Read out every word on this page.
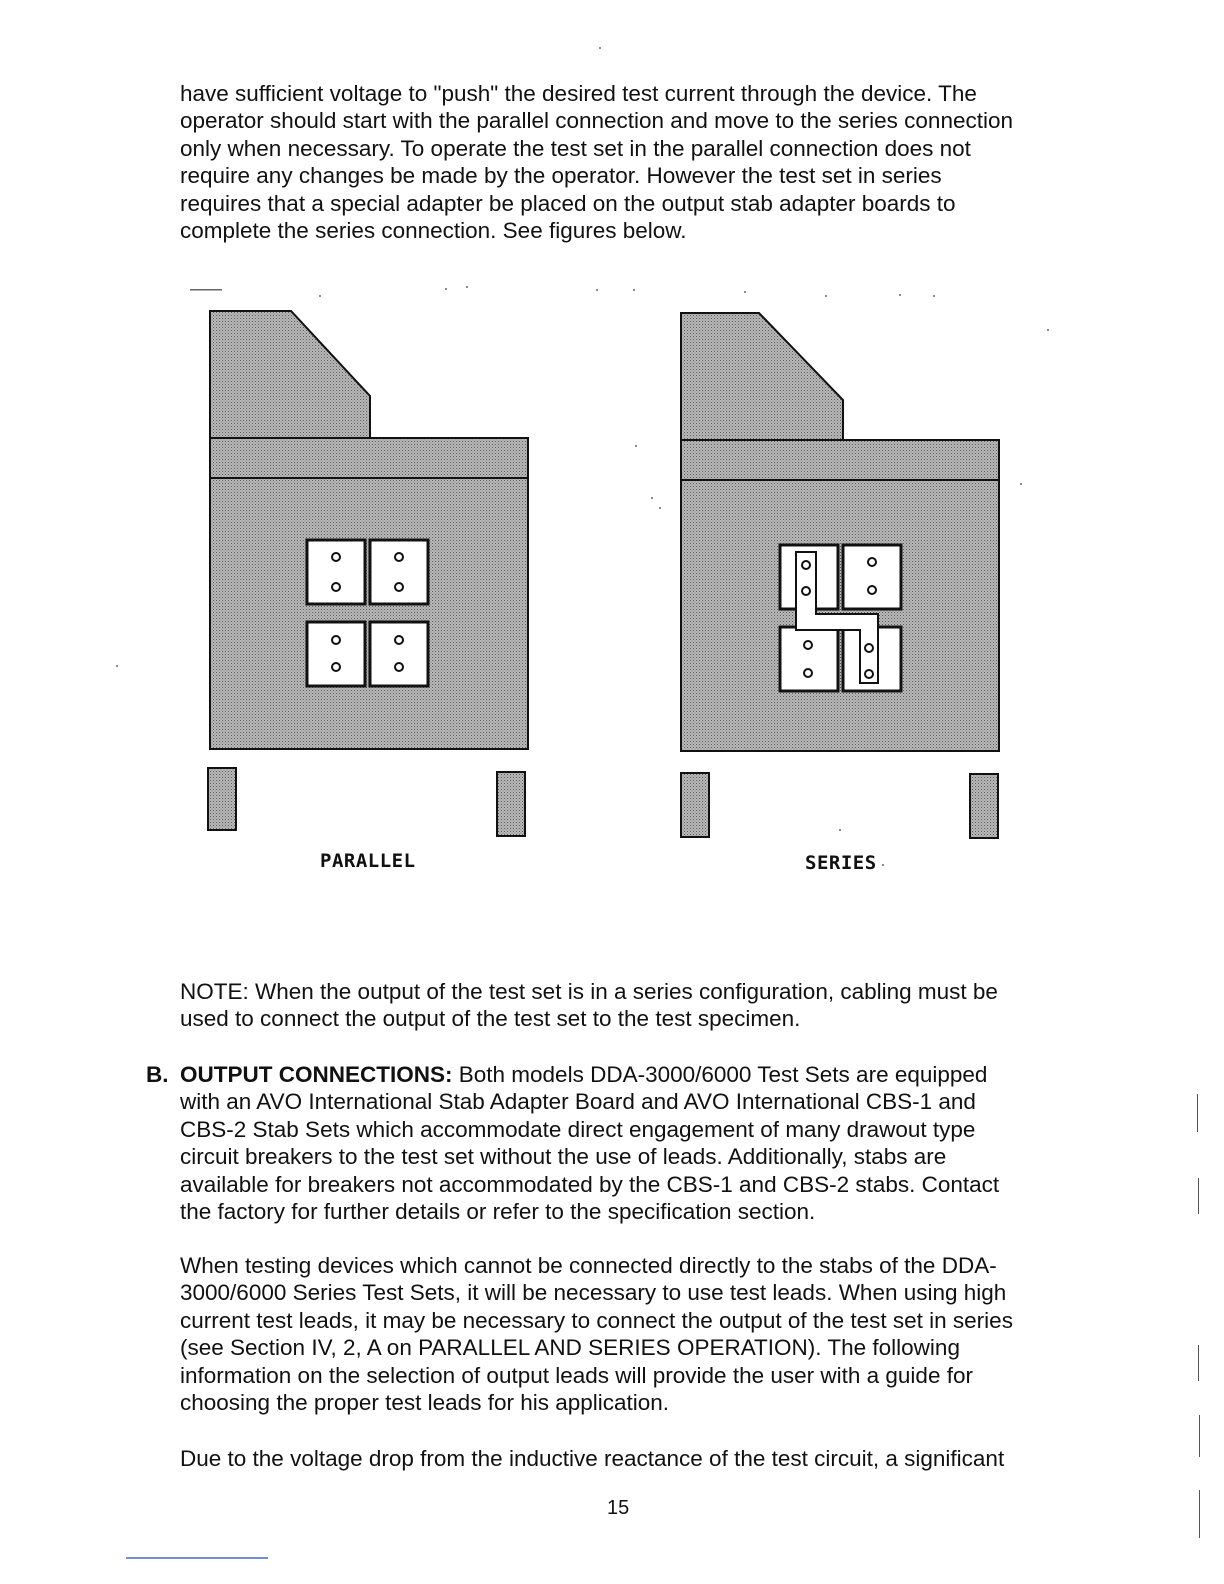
have sufficient voltage to "push" the desired test current through the device. The
operator should start with the parallel connection and move to the series connection
only when necessary. To operate the test set in the parallel connection does not
require any changes be made by the operator. However the test set in series
requires that a special adapter be placed on the output stab adapter boards to
complete the series connection. See figures below.

PARALLEL	SERIES

NOTE: When the output of the test set is in a series configuration, cabling must be
used to connect the output of the test set to the test specimen.

B. OUTPUT CONNECTIONS: Both models DDA-3000/6000 Test Sets are equipped
with an AVO International Stab Adapter Board and AVO International CBS-1 and
CBS-2 Stab Sets which accommodate direct engagement of many drawout type
circuit breakers to the test set without the use of leads. Additionally, stabs are
available for breakers not accommodated by the CBS-1 and CBS-2 stabs. Contact
the factory for further details or refer to the specification section.

When testing devices which cannot be connected directly to the stabs of the DDA-
3000/6000 Series Test Sets, it will be necessary to use test leads. When using high
current test leads, it may be necessary to connect the output of the test set in series
(see Section IV, 2, A on PARALLEL AND SERIES OPERATION). The following
information on the selection of output leads will provide the user with a guide for
choosing the proper test leads for his application.

Due to the voltage drop from the inductive reactance of the test circuit, a significant

15
